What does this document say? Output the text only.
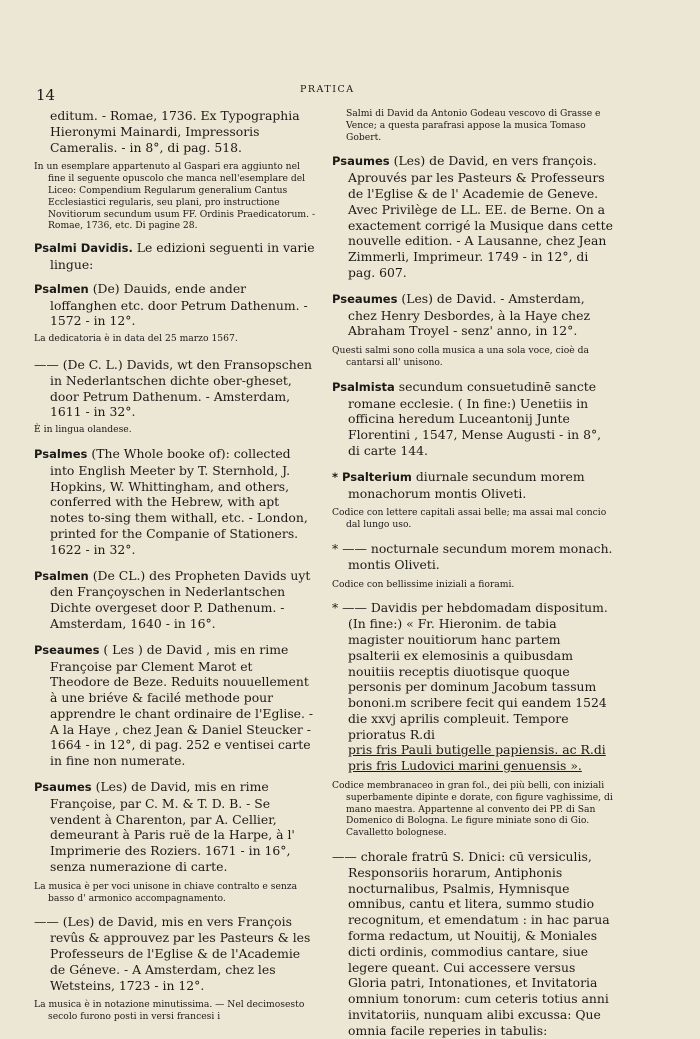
14	PRATICA

editum. - Romae, 1736. Ex Typographia Hieronymi Mainardi, Impressoris Cameralis. - in 8°, di pag. 518.

In un esemplare appartenuto al Gaspari era aggiunto nel fine il seguente opuscolo che manca nell'esemplare del Liceo: Compendium Regularum generalium Cantus Ecclesiastici regularis, seu plani, pro instructione Novitiorum secundum usum FF. Ordinis Praedicatorum. - Romae, 1736, etc. Di pagine 28.

Psalmi Davidis. Le edizioni seguenti in varie lingue:

Psalmen (De) Dauids, ende ander loffanghen etc. door Petrum Dathenum. - 1572 - in 12°.

La dedicatoria è in data del 25 marzo 1567.

—— (De C. L.) Davids, wt den Fransopschen in Nederlantschen dichte ober-gheset, door Petrum Dathenum. - Amsterdam, 1611 - in 32°.

È in lingua olandese.

Psalmes (The Whole booke of): collected into English Meeter by T. Sternhold, J. Hopkins, W. Whittingham, and others, conferred with the Hebrew, with apt notes to-sing them withall, etc. - London, printed for the Companie of Stationers. 1622 - in 32°.

Psalmen (De CL.) des Propheten Davids uyt den Françoyschen in Nederlantschen Dichte overgeset door P. Dathenum. - Amsterdam, 1640 - in 16°.

Pseaumes ( Les ) de David , mis en rime Françoise par Clement Marot et Theodore de Beze. Reduits nouuellement à une briéve & facilé methode pour apprendre le chant ordinaire de l'Eglise. - A la Haye , chez Jean & Daniel Steucker - 1664 - in 12°, di pag. 252 e ventisei carte in fine non numerate.

Psaumes (Les) de David, mis en rime Françoise, par C. M. & T. D. B. - Se vendent à Charenton, par A. Cellier, demeurant à Paris ruë de la Harpe, à l' Imprimerie des Roziers. 1671 - in 16°, senza numerazione di carte.

La musica è per voci unisone in chiave contralto e senza basso d' armonico accompagnamento.

—— (Les) de David, mis en vers François revûs & approuvez par les Pasteurs & les Professeurs de l'Eglise & de l'Academie de Géneve. - A Amsterdam, chez les Wetsteins, 1723 - in 12°.

La musica è in notazione minutissima. — Nel decimosesto secolo furono posti in versi francesi i

Salmi di David da Antonio Godeau vescovo di Grasse e Vence; a questa parafrasi appose la musica Tomaso Gobert.

Psaumes (Les) de David, en vers françois. Aprouvés par les Pasteurs & Professeurs de l'Eglise & de l' Academie de Geneve. Avec Privilège de LL. EE. de Berne. On a exactement corrigé la Musique dans cette nouvelle edition. - A Lausanne, chez Jean Zimmerli, Imprimeur. 1749 - in 12°, di pag. 607.

Pseaumes (Les) de David. - Amsterdam, chez Henry Desbordes, à la Haye chez Abraham Troyel - senz' anno, in 12°.

Questi salmi sono colla musica a una sola voce, cioè da cantarsi all' unisono.

Psalmista secundum consuetudinē sancte romane ecclesie. ( In fine:) Uenetiis in officina heredum Luceantonij Junte Florentini , 1547, Mense Augusti - in 8°, di carte 144.

* Psalterium diurnale secundum morem monachorum montis Oliveti.

Codice con lettere capitali assai belle; ma assai mal concio dal lungo uso.

* —— nocturnale secundum morem monach. montis Oliveti.

Codice con bellissime iniziali a fiorami.

* —— Davidis per hebdomadam dispositum. (In fine:) « Fr. Hieronim. de tabia magister nouitiorum hanc partem psalterii ex elemosinis a quibusdam nouitiis receptis diuotisque quoque personis per dominum Jacobum tassum bononi.m scribere fecit qui eandem 1524 die xxvj aprilis compleuit. Tempore prioratus R.di

pris fris Pauli butigelle papiensis. ac R.di

pris fris Ludovici marini genuensis ».

Codice membranaceo in gran fol., dei più belli, con iniziali superbamente dipinte e dorate, con figure vaghissime, di mano maestra. Appartenne al convento dei PP. di San Domenico di Bologna. Le figure miniate sono di Gio. Cavalletto bolognese.

—— chorale fratrū S. Dnici: cū versiculis, Responsoriis horarum, Antiphonis nocturnalibus, Psalmis, Hymnisque omnibus, cantu et litera, summo studio recognitum, et emendatum : in hac parua forma redactum, ut Nouitij, & Moniales dicti ordinis, commodius cantare, siue legere queant. Cui accessere versus Gloria patri, Intonationes, et Invitatoria omnium tonorum: cum ceteris totius anni invitatoriis, nunquam alibi excussa: Que omnia facile reperies in tabulis:
